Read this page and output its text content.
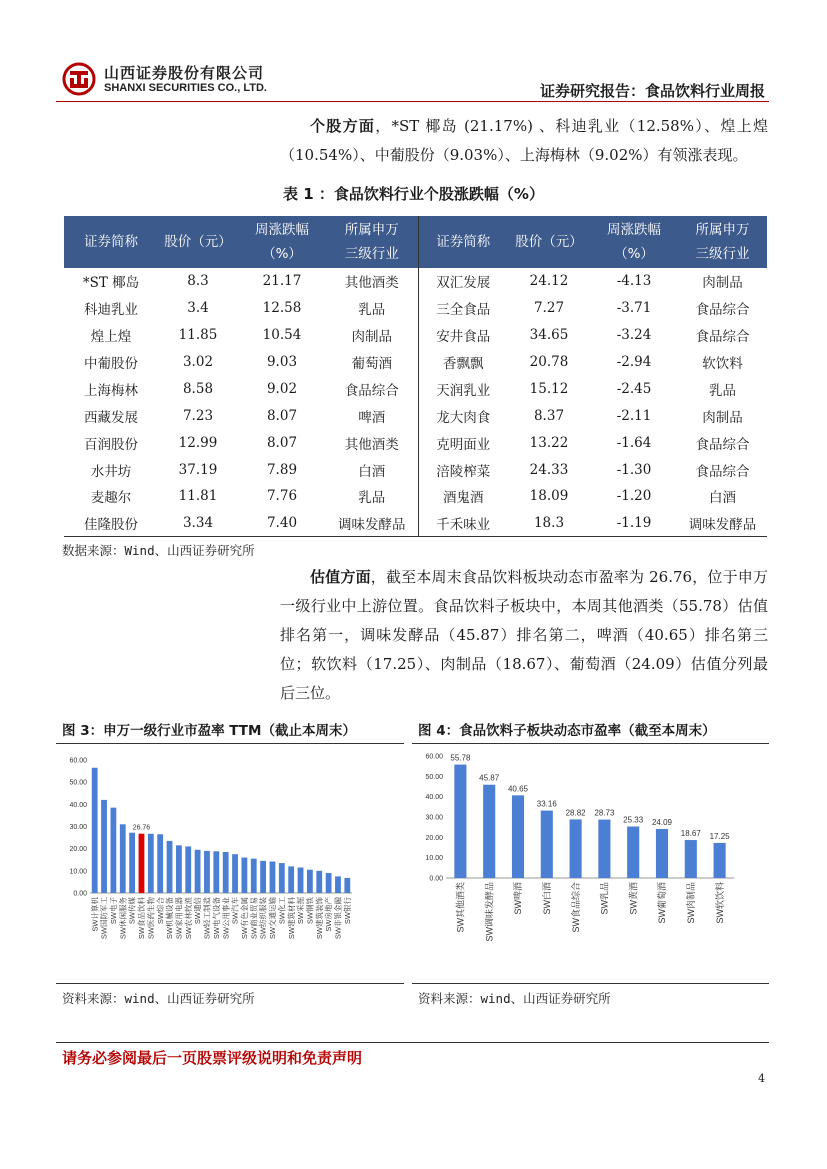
山西证券股份有限公司
SHANXI SECURITIES CO., LTD.	证券研究报告：食品饮料行业周报
个股方面，*ST 椰岛 (21.17%) 、科迪乳业（12.58%）、煌上煌（10.54%）、中葡股份（9.03%）、上海梅林（9.02%）有领涨表现。
表 1 ：食品饮料行业个股涨跌幅（%）
证券简称	股价（元）	周涨跌幅
（%）	所属申万
三级行业	证券简称	股价（元）	周涨跌幅
（%）	所属申万
三级行业
*ST 椰岛	8.3	21.17	其他酒类	双汇发展	24.12	-4.13	肉制品
科迪乳业	3.4	12.58	乳品	三全食品	7.27	-3.71	食品综合
煌上煌	11.85	10.54	肉制品	安井食品	34.65	-3.24	食品综合
中葡股份	3.02	9.03	葡萄酒	香飘飘	20.78	-2.94	软饮料
上海梅林	8.58	9.02	食品综合	天润乳业	15.12	-2.45	乳品
西藏发展	7.23	8.07	啤酒	龙大肉食	8.37	-2.11	肉制品
百润股份	12.99	8.07	其他酒类	克明面业	13.22	-1.64	食品综合
水井坊	37.19	7.89	白酒	涪陵榨菜	24.33	-1.30	食品综合
麦趣尔	11.81	7.76	乳品	酒鬼酒	18.09	-1.20	白酒
佳隆股份	3.34	7.40	调味发酵品	千禾味业	18.3	-1.19	调味发酵品
数据来源：Wind、山西证券研究所
估值方面，截至本周末食品饮料板块动态市盈率为 26.76，位于申万一级行业中上游位置。食品饮料子板块中，本周其他酒类（55.78）估值排名第一，调味发酵品（45.87）排名第二，啤酒（40.65）排名第三位；软饮料（17.25）、肉制品（18.67）、葡萄酒（24.09）估值分列最后三位。
图 3：申万一级行业市盈率 TTM（截止本周末）	图 4：食品饮料子板块动态市盈率（截至本周末）
0.00
10.00
20.00
30.00
40.00
50.00
60.00
SW计算机 SW国防军工 SW电子 SW休闲服务 SW传媒
26.76
SW食品饮料 SW医药生物 SW综合 SW机械设备 SW家用电器 SW农林牧渔 SW通信 SW轻工制造 SW电气设备 SW公用事业 SW汽车 SW有色金属 SW商业贸易 SW纺织服装 SW交通运输 SW化工 SW建筑材料 SW采掘 SW钢铁 SW建筑装饰 SW房地产 SW非银金融 SW银行
0.00
10.00
20.00
30.00
40.00
50.00
60.00 55.78
SW其他酒类
45.87
SW调味发酵品
40.65
SW啤酒
33.16
SW白酒
28.82
SW食品综合
28.73
SW乳品
25.33
SW黄酒
24.09
SW葡萄酒
18.67
SW肉制品
17.25
SW软饮料
资料来源：wind、山西证券研究所	资料来源：wind、山西证券研究所
请务必参阅最后一页股票评级说明和免责声明
4
